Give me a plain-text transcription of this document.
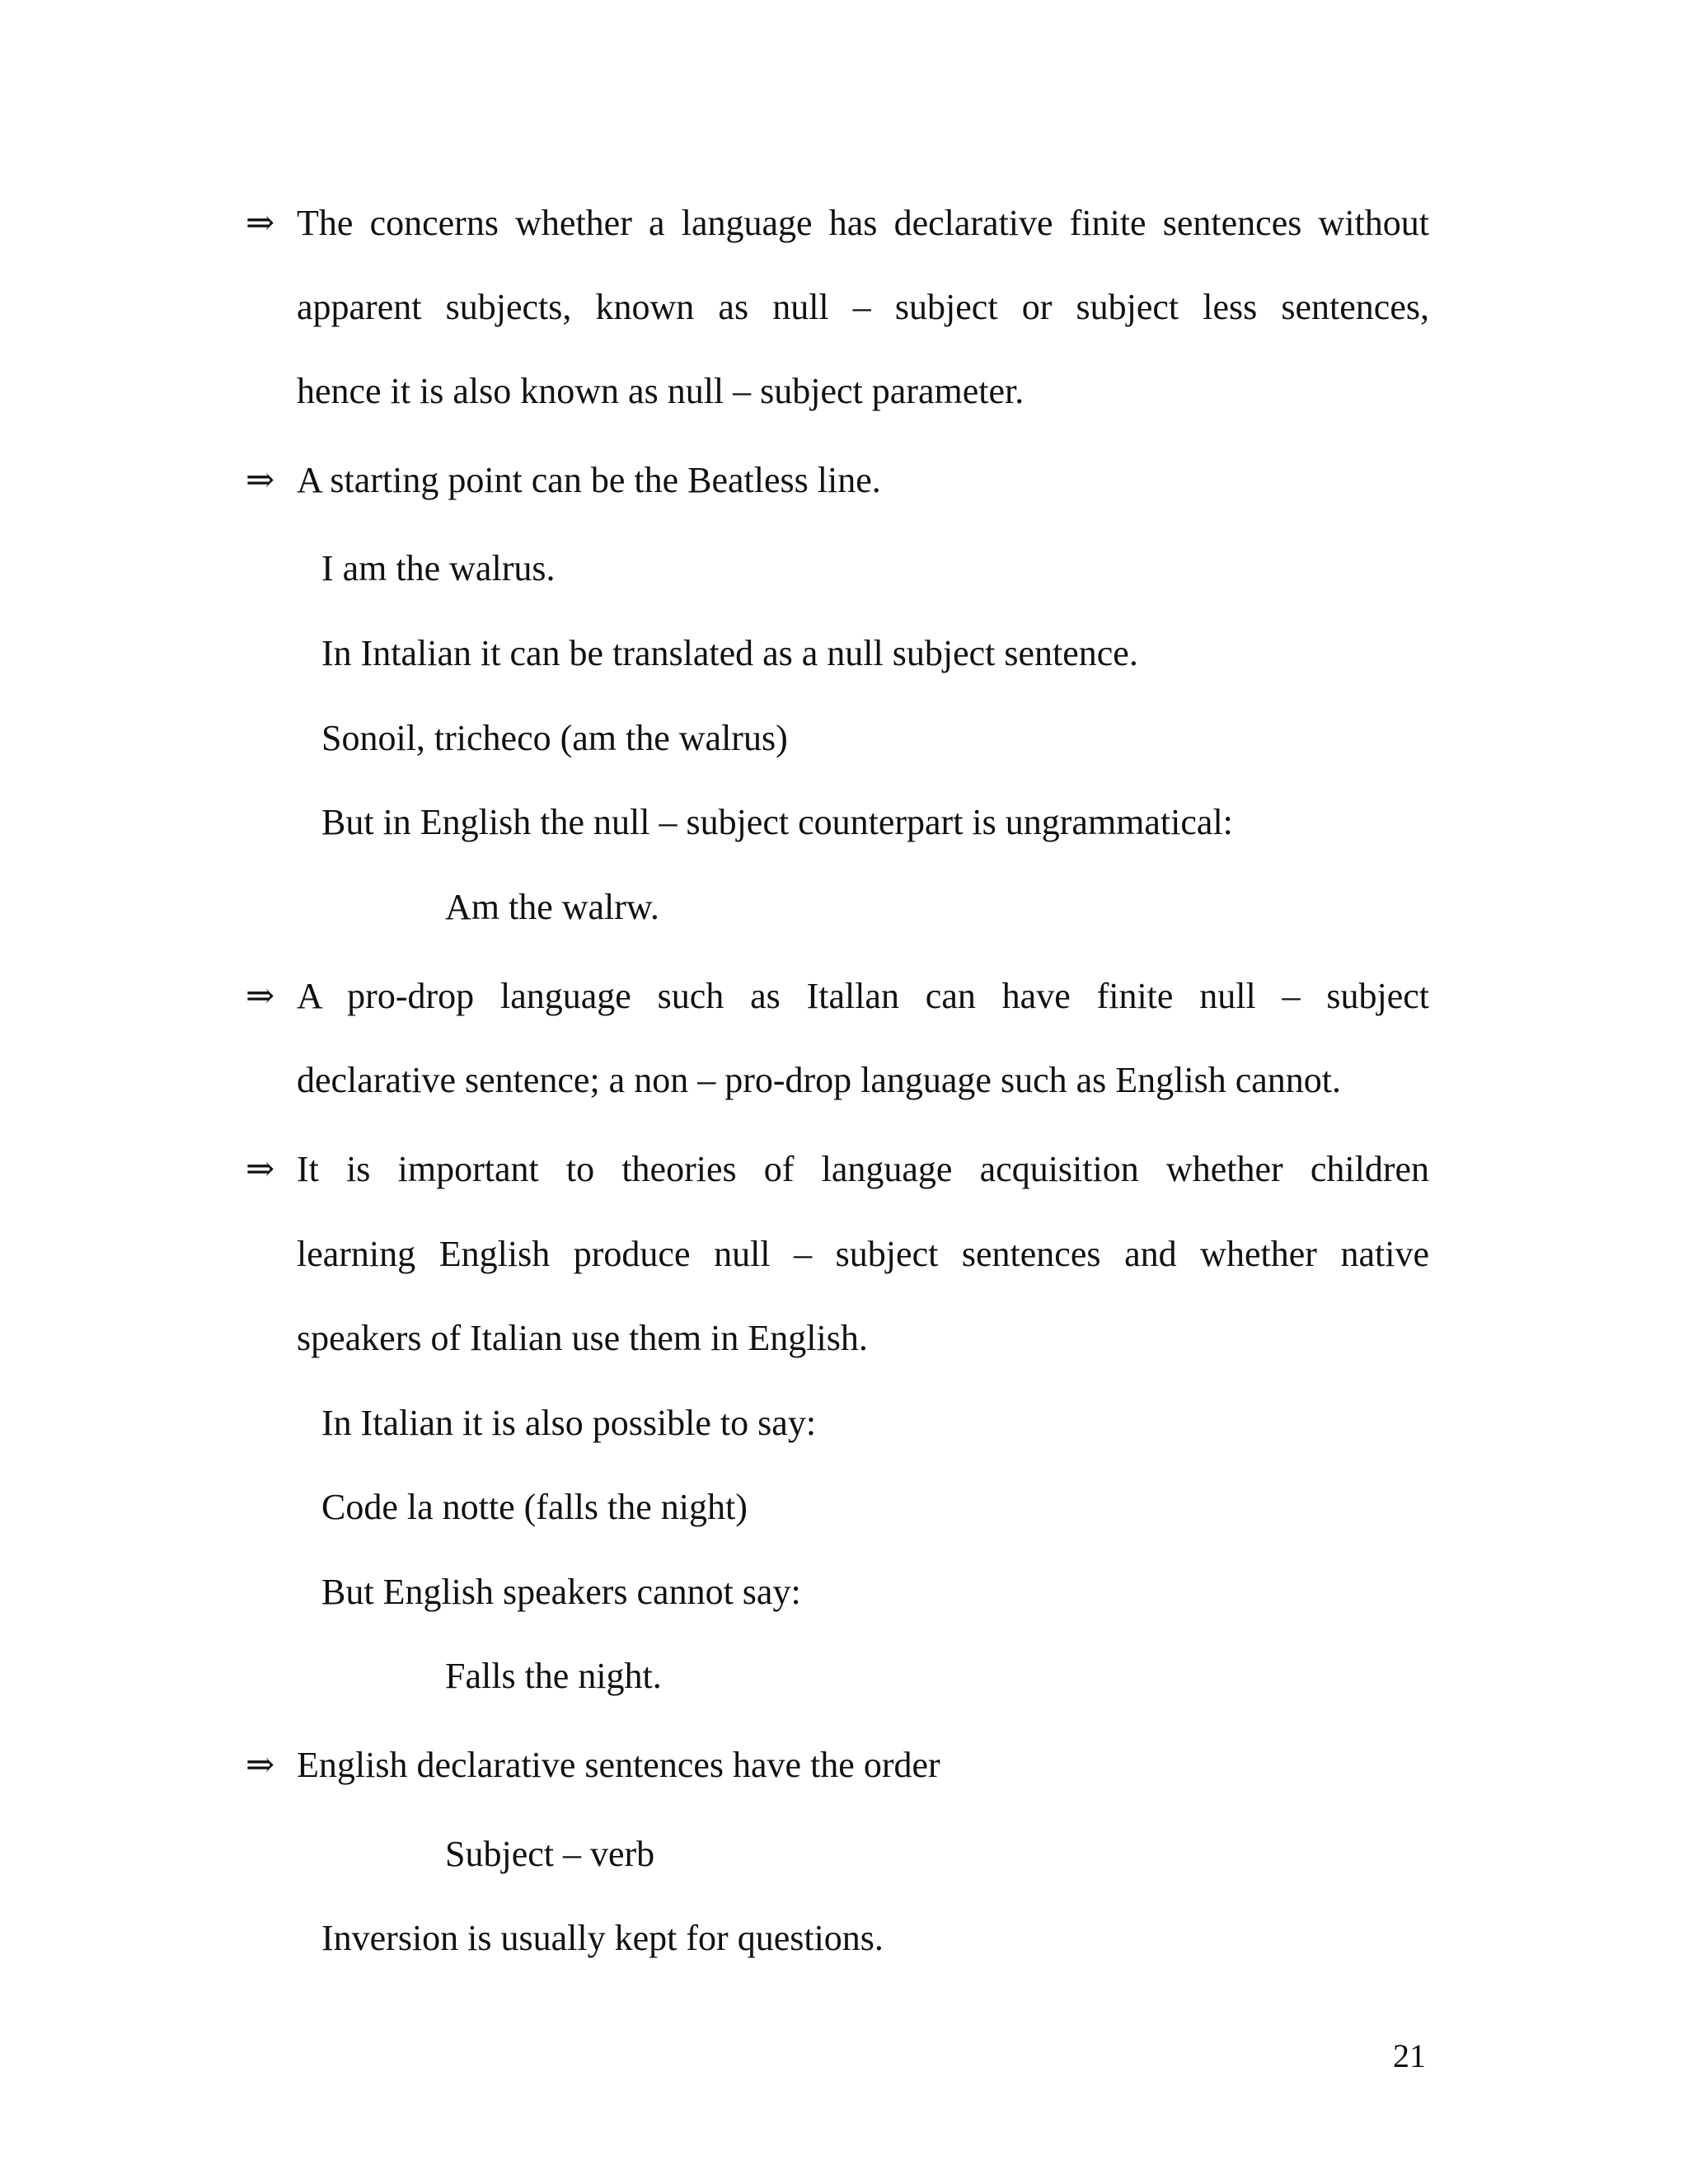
⇒ The concerns whether a language has declarative finite sentences without
apparent subjects, known as null – subject or subject less sentences,
hence it is also known as null – subject parameter.
⇒ A starting point can be the Beatless line.
I am the walrus.
In Intalian it can be translated as a null subject sentence.
Sonoil, tricheco (am the walrus)
But in English the null – subject counterpart is ungrammatical:
Am the walrw.
⇒ A pro-drop language such as Itallan can have finite null – subject
declarative sentence; a non – pro-drop language such as English cannot.
⇒ It is important to theories of language acquisition whether children
learning English produce null – subject sentences and whether native
speakers of Italian use them in English.
In Italian it is also possible to say:
Code la notte (falls the night)
But English speakers cannot say:
Falls the night.
⇒ English declarative sentences have the order
Subject – verb
Inversion is usually kept for questions.
21
